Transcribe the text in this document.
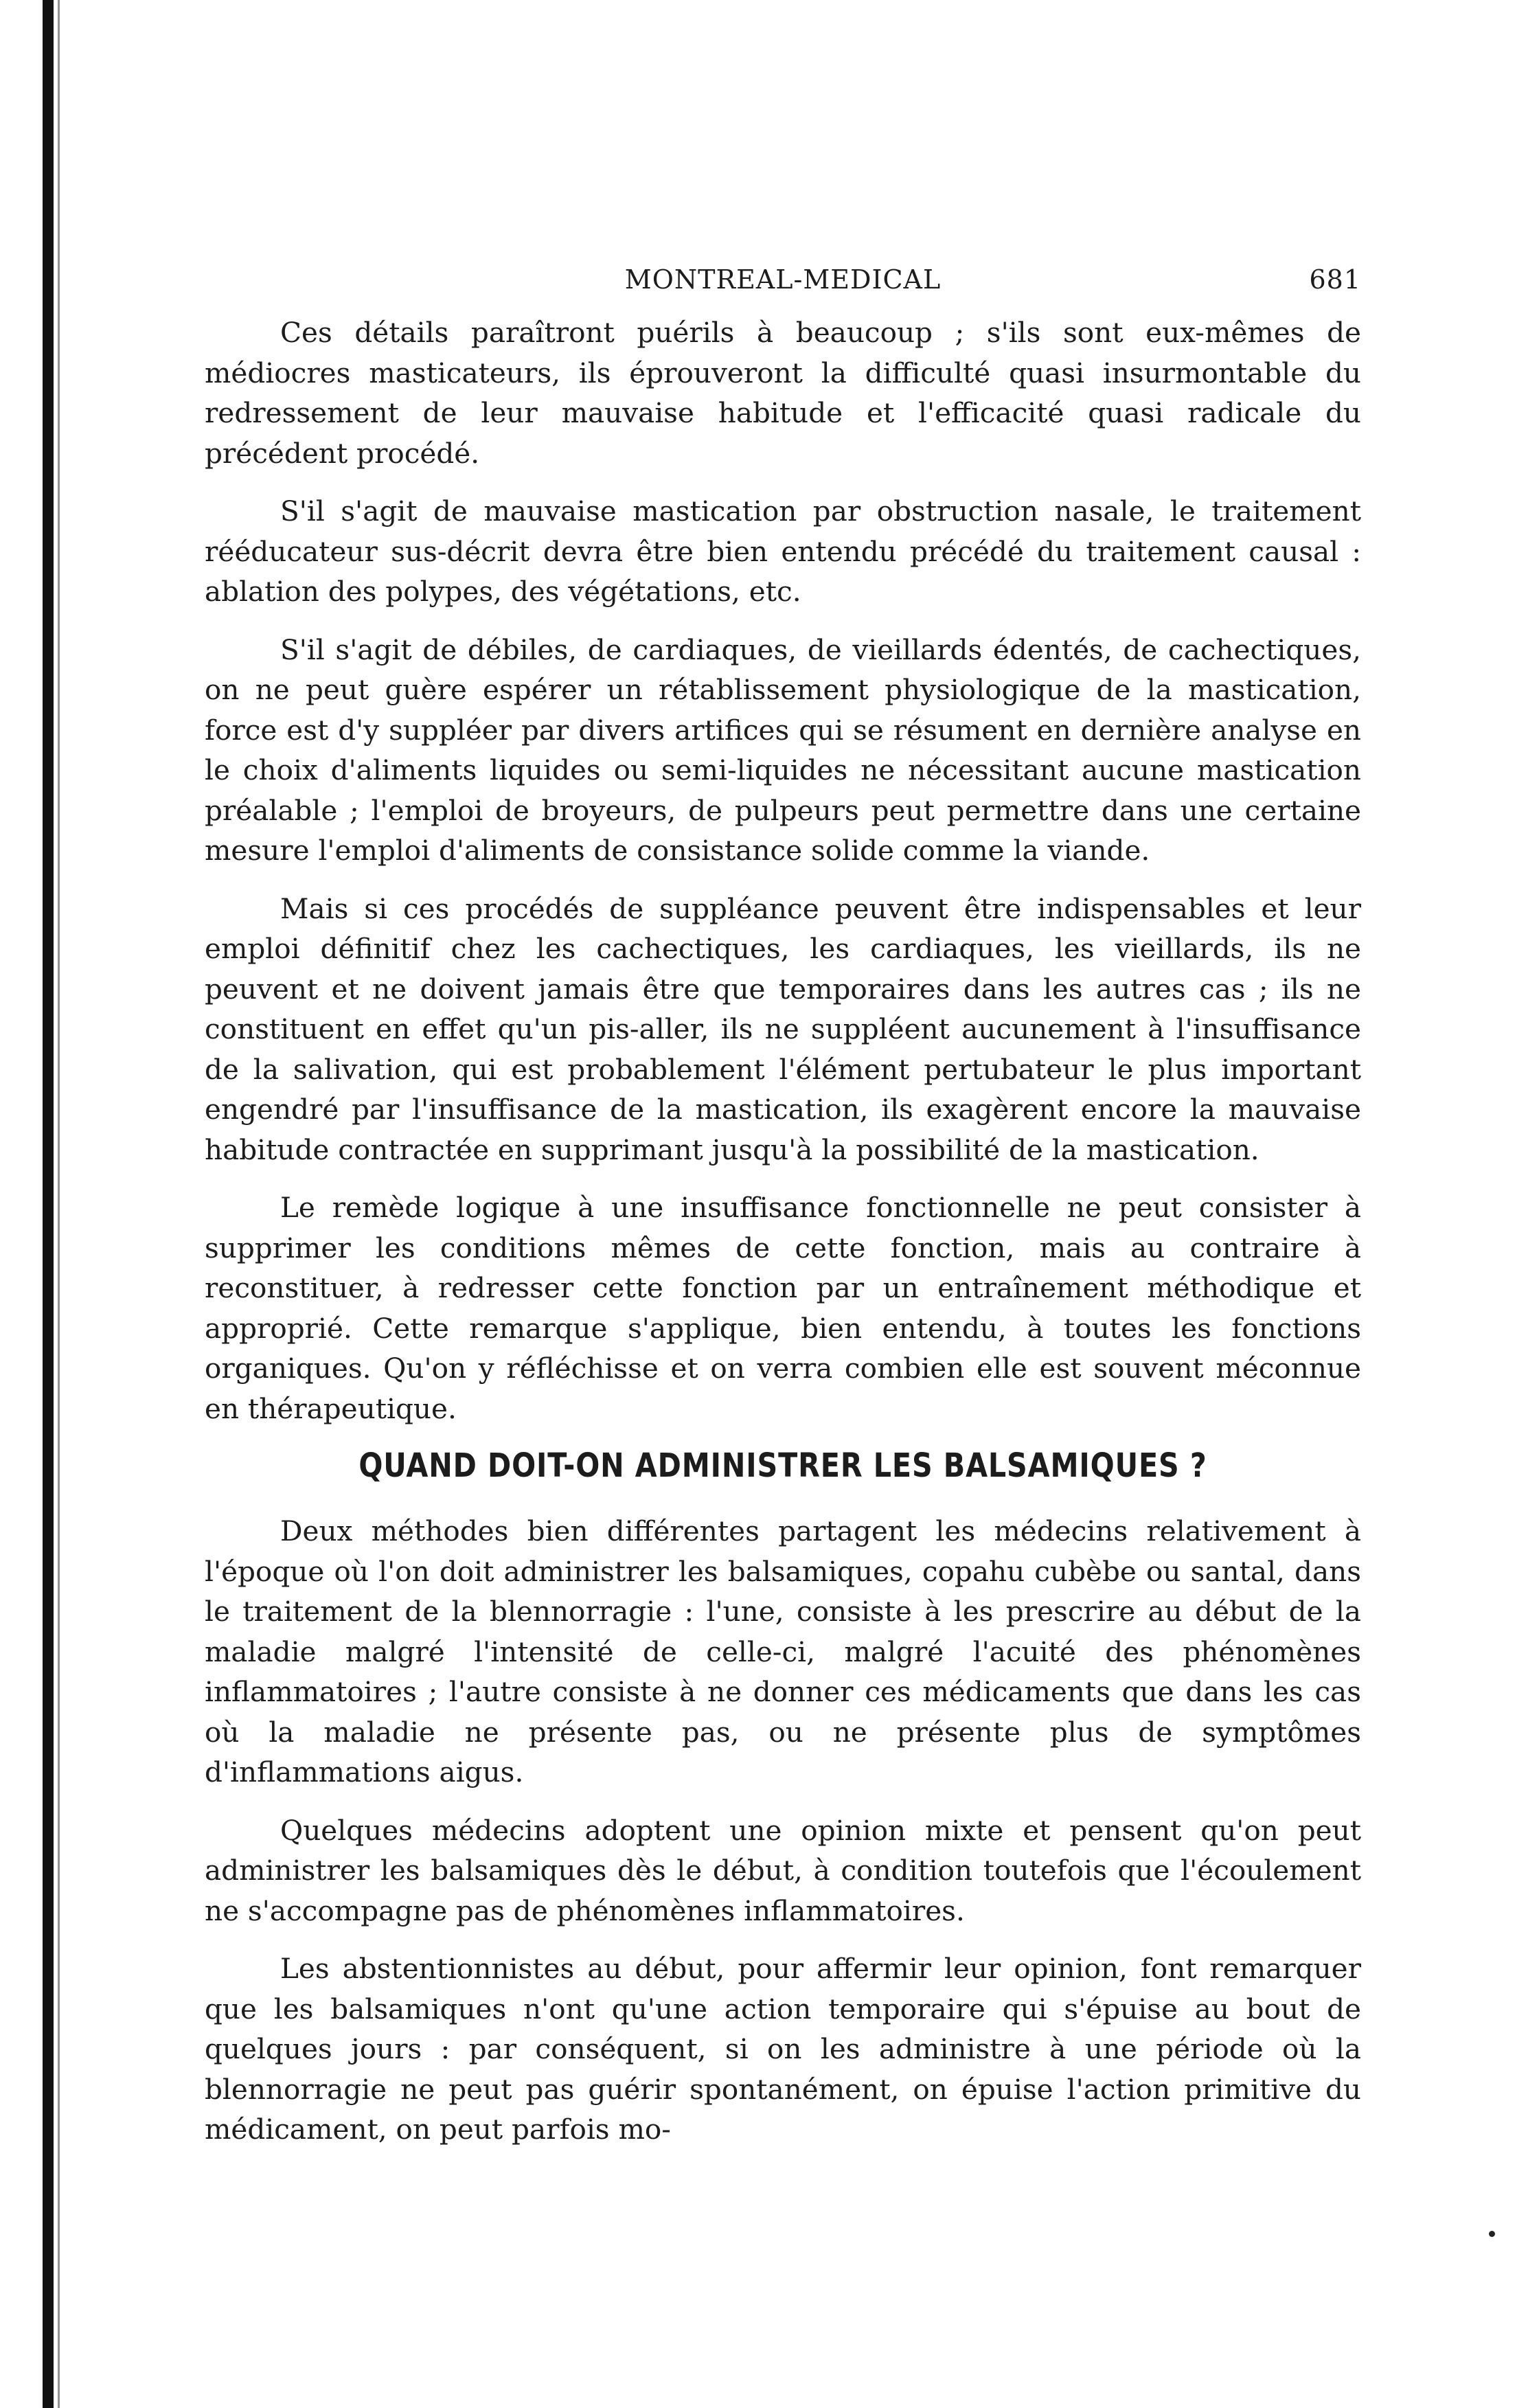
MONTREAL-MEDICAL	681

Ces détails paraîtront puérils à beaucoup ; s'ils sont eux-mêmes de médiocres masticateurs, ils éprouveront la difficulté quasi insurmontable du redressement de leur mauvaise habitude et l'efficacité quasi radicale du précédent procédé.

S'il s'agit de mauvaise mastication par obstruction nasale, le traitement rééducateur sus-décrit devra être bien entendu précédé du traitement causal : ablation des polypes, des végétations, etc.

S'il s'agit de débiles, de cardiaques, de vieillards édentés, de cachectiques, on ne peut guère espérer un rétablissement physiologique de la mastication, force est d'y suppléer par divers artifices qui se résument en dernière analyse en le choix d'aliments liquides ou semi-liquides ne nécessitant aucune mastication préalable ; l'emploi de broyeurs, de pulpeurs peut permettre dans une certaine mesure l'emploi d'aliments de consistance solide comme la viande.

Mais si ces procédés de suppléance peuvent être indispensables et leur emploi définitif chez les cachectiques, les cardiaques, les vieillards, ils ne peuvent et ne doivent jamais être que temporaires dans les autres cas ; ils ne constituent en effet qu'un pis-aller, ils ne suppléent aucunement à l'insuffisance de la salivation, qui est probablement l'élément pertubateur le plus important engendré par l'insuffisance de la mastication, ils exagèrent encore la mauvaise habitude contractée en supprimant jusqu'à la possibilité de la mastication.

Le remède logique à une insuffisance fonctionnelle ne peut consister à supprimer les conditions mêmes de cette fonction, mais au contraire à reconstituer, à redresser cette fonction par un entraînement méthodique et approprié. Cette remarque s'applique, bien entendu, à toutes les fonctions organiques. Qu'on y réfléchisse et on verra combien elle est souvent méconnue en thérapeutique.

QUAND DOIT-ON ADMINISTRER LES BALSAMIQUES ?

Deux méthodes bien différentes partagent les médecins relativement à l'époque où l'on doit administrer les balsamiques, copahu cubèbe ou santal, dans le traitement de la blennorragie : l'une, consiste à les prescrire au début de la maladie malgré l'intensité de celle-ci, malgré l'acuité des phénomènes inflammatoires ; l'autre consiste à ne donner ces médicaments que dans les cas où la maladie ne présente pas, ou ne présente plus de symptômes d'inflammations aigus.

Quelques médecins adoptent une opinion mixte et pensent qu'on peut administrer les balsamiques dès le début, à condition toutefois que l'écoulement ne s'accompagne pas de phénomènes inflammatoires.

Les abstentionnistes au début, pour affermir leur opinion, font remarquer que les balsamiques n'ont qu'une action temporaire qui s'épuise au bout de quelques jours : par conséquent, si on les administre à une période où la blennorragie ne peut pas guérir spontanément, on épuise l'action primitive du médicament, on peut parfois mo-
